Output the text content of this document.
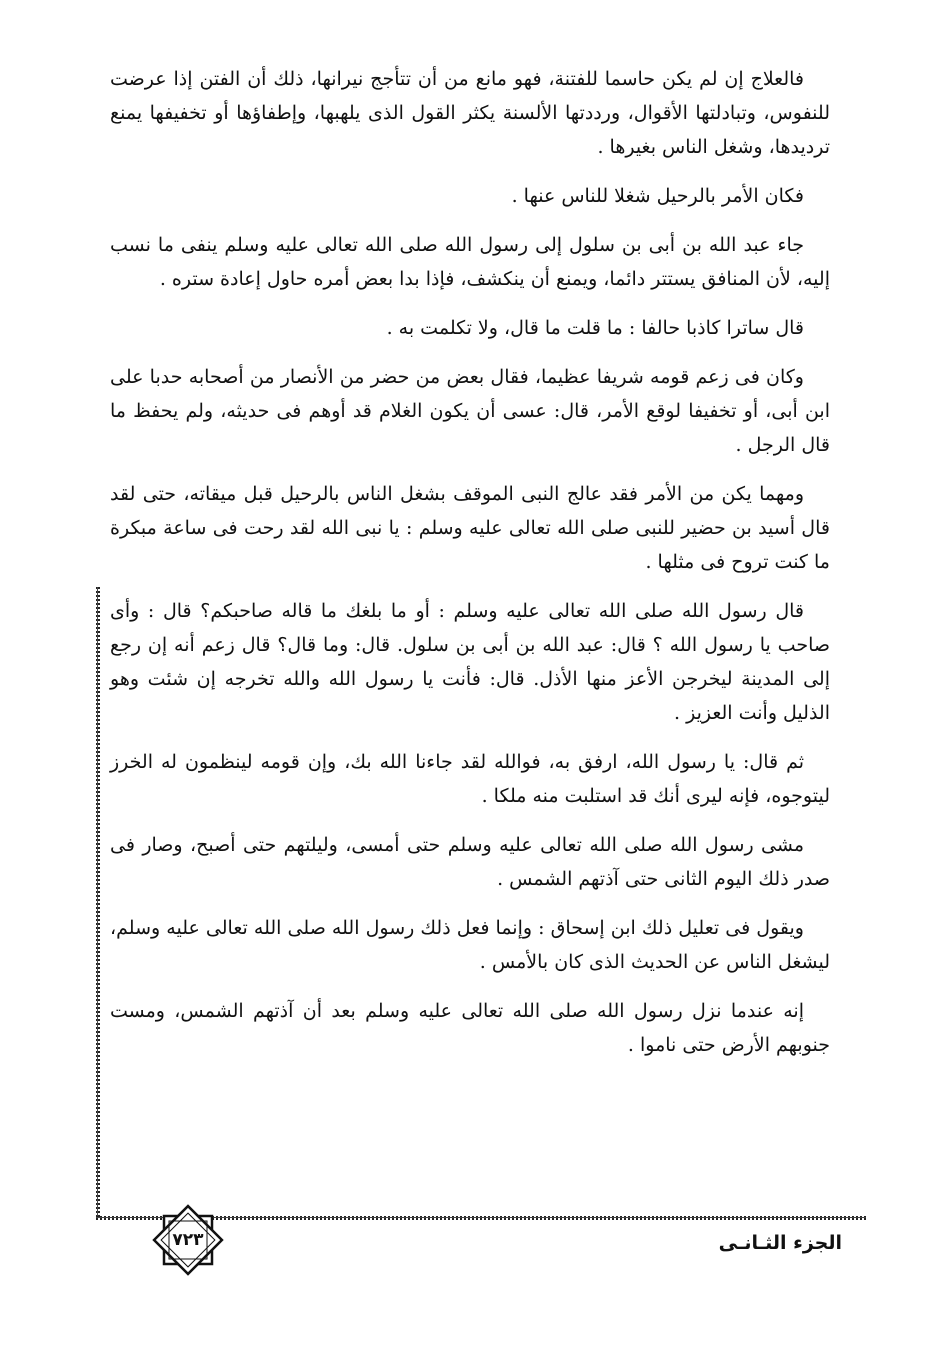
فالعلاج إن لم يكن حاسما للفتنة، فهو مانع من أن تتأجج نيرانها، ذلك أن الفتن إذا عرضت للنفوس، وتبادلتها الأقوال، ورددتها الألسنة يكثر القول الذى يلهبها، وإطفاؤها أو تخفيفها يمنع ترديدها، وشغل الناس بغيرها .

فكان الأمر بالرحيل شغلا للناس عنها .

جاء عبد الله بن أبى بن سلول إلى رسول الله صلى الله تعالى عليه وسلم ينفى ما نسب إليه، لأن المنافق يستتر دائما، ويمنع أن ينكشف، فإذا بدا بعض أمره حاول إعادة ستره .

قال ساترا كاذبا حالفا : ما قلت ما قال، ولا تكلمت به .

وكان فى زعم قومه شريفا عظيما، فقال بعض من حضر من الأنصار من أصحابه حدبا على ابن أبى، أو تخفيفا لوقع الأمر، قال: عسى أن يكون الغلام قد أوهم فى حديثه، ولم يحفظ ما قال الرجل .

ومهما يكن من الأمر فقد عالج النبى الموقف بشغل الناس بالرحيل قبل ميقاته، حتى لقد قال أسيد بن حضير للنبى صلى الله تعالى عليه وسلم : يا نبى الله لقد رحت فى ساعة مبكرة ما كنت تروح فى مثلها .

قال رسول الله صلى الله تعالى عليه وسلم : أو ما بلغك ما قاله صاحبكم؟ قال : وأى صاحب يا رسول الله ؟ قال: عبد الله بن أبى بن سلول. قال: وما قال؟ قال زعم أنه إن رجع إلى المدينة ليخرجن الأعز منها الأذل. قال: فأنت يا رسول الله والله تخرجه إن شئت وهو الذليل وأنت العزيز .

ثم قال: يا رسول الله، ارفق به، فوالله لقد جاءنا الله بك، وإن قومه لينظمون له الخرز ليتوجوه، فإنه ليرى أنك قد استلبت منه ملكا .

مشى رسول الله صلى الله تعالى عليه وسلم حتى أمسى، وليلتهم حتى أصبح، وصار فى صدر ذلك اليوم الثانى حتى آذتهم الشمس .

ويقول فى تعليل ذلك ابن إسحاق : وإنما فعل ذلك رسول الله صلى الله تعالى عليه وسلم، ليشغل الناس عن الحديث الذى كان بالأمس .

إنه عندما نزل رسول الله صلى الله تعالى عليه وسلم بعد أن آذتهم الشمس، ومست جنوبهم الأرض حتى ناموا .

٧٢٣	الجزء الثـانـى
